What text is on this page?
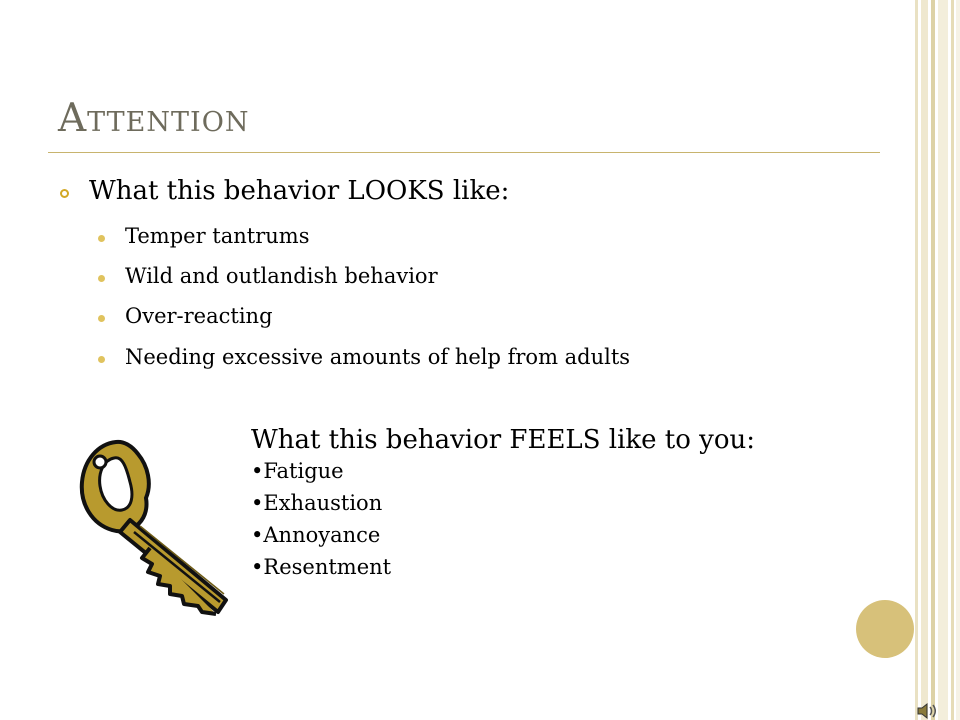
Attention
What this behavior LOOKS like:
Temper tantrums
Wild and outlandish behavior
Over-reacting
Needing excessive amounts of help from adults
What this behavior FEELS like to you:
•Fatigue
•Exhaustion
•Annoyance
•Resentment
